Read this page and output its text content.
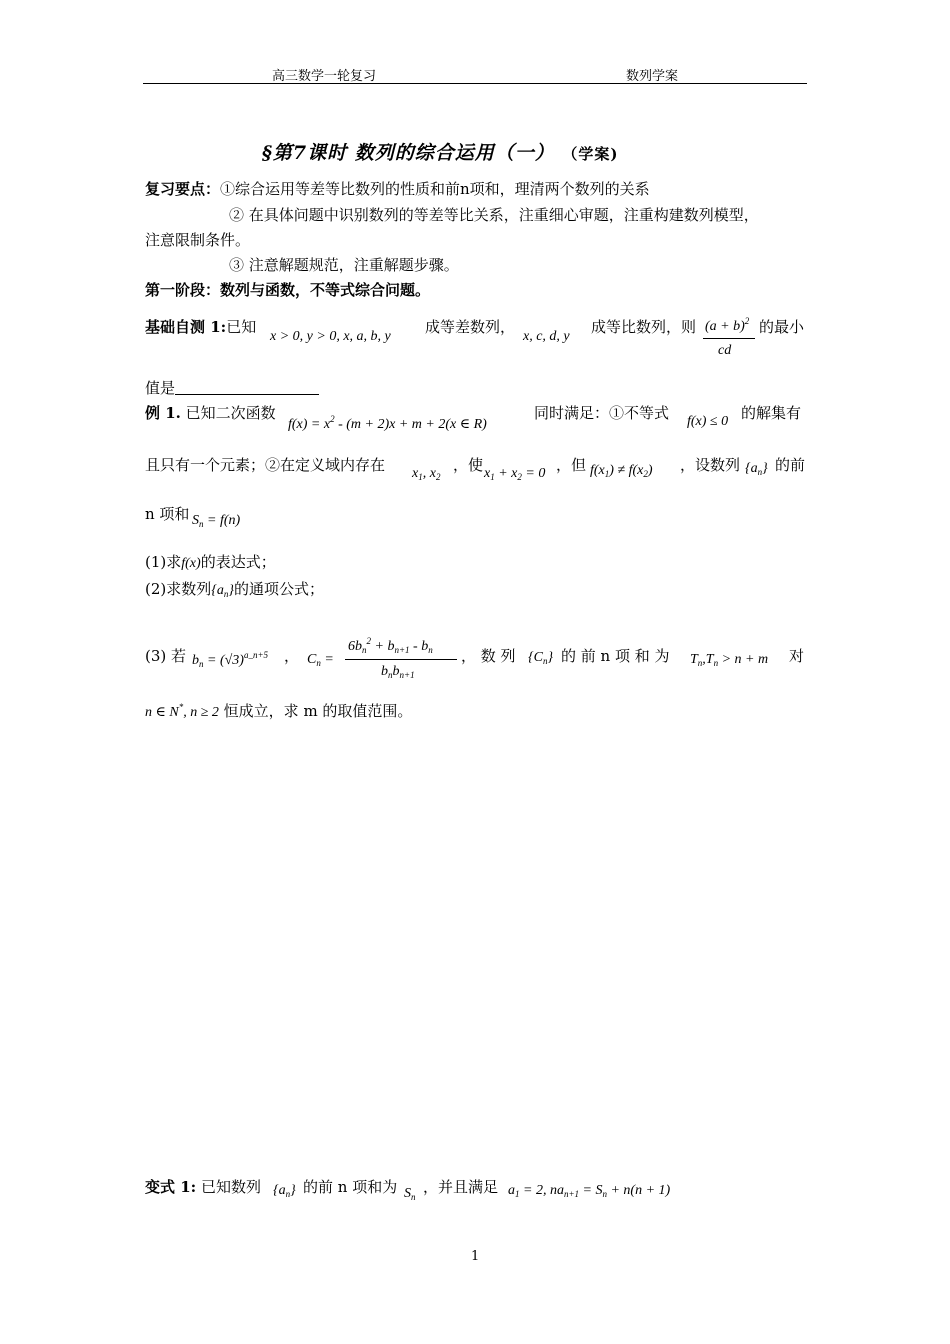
高三数学一轮复习	数列学案
§第7课时 数列的综合运用（一） （学案)
复习要点：①综合运用等差等比数列的性质和前n项和，理清两个数列的关系
② 在具体问题中识别数列的等差等比关系，注重细心审题，注重构建数列模型，
注意限制条件。
③ 注意解题规范，注重解题步骤。
第一阶段：数列与函数，不等式综合问题。
基础自测 1:已知
x > 0, y > 0, x, a, b, y
成等差数列，
x, c, d, y
成等比数列，则 $(a + b)^2$
cd
的最小
值是
例 1. 已知二次函数
$f(x) = x^2 - (m + 2)x + m + 2(x$ ∈ R)
同时满足：①不等式 f(x) ≤ 0 的解集有
且只有一个元素；②在定义域内存在 $x_1$, $x_2$
，使 $x_1 + x_2 = 0$ ，但 $f(x_1) \ne f(x_2)$ ，设数列 $\{a_n\}$ 的前
n 项和 $S_n = f(n)$
(1)求f(x)的表达式；
(2)求数列$\{a_n\}$的通项公式；
(3) 若 $b_n = (√3)^{a\_n+5}$ ， $C_n$ =
$6b_n^2 + b_{n+1} - b_n$
$b_nb_{n+1}$
， 数 列 $\{C_n\}$ 的 前 n 项 和 为 $T_n,T_n > n + m$ 对
n ∈ N*, n ≥ 2 恒成立，求 m 的取值范围。
变式 1: 已知数列 $\{a_n\}$ 的前 n 项和为 $S_n$
，并且满足 $a_1 = 2$, $na_{n+1} = S_n + n(n + 1)$
1
